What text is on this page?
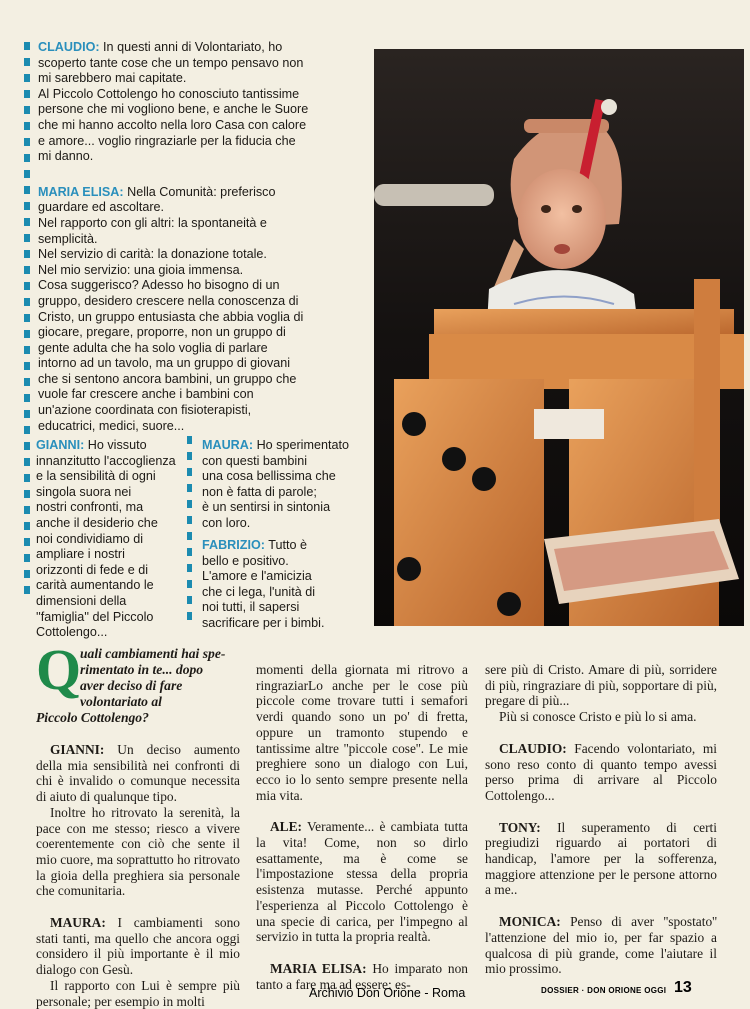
CLAUDIO: In questi anni di Volontariato, ho

scoperto tante cose che un tempo pensavo non

mi sarebbero mai capitate.

Al Piccolo Cottolengo ho conosciuto tantissime

persone che mi vogliono bene, e anche le Suore

che mi hanno accolto nella loro Casa con calore

e amore... voglio ringraziarle per la fiducia che

mi danno.

MARIA ELISA: Nella Comunità: preferisco

guardare ed ascoltare.

Nel rapporto con gli altri: la spontaneità e

semplicità.

Nel servizio di carità: la donazione totale.

Nel mio servizio: una gioia immensa.

Cosa suggerisco? Adesso ho bisogno di un

gruppo, desidero crescere nella conoscenza di

Cristo, un gruppo entusiasta che abbia voglia di

giocare, pregare, proporre, non un gruppo di

gente adulta che ha solo voglia di parlare

intorno ad un tavolo, ma un gruppo di giovani

che si sentono ancora bambini, un gruppo che

vuole far crescere anche i bambini con

un'azione coordinata con fisioterapisti,

educatrici, medici, suore...

GIANNI: Ho vissuto

innanzitutto l'accoglienza

e la sensibilità di ogni

singola suora nei

nostri confronti, ma

anche il desiderio che

noi condividiamo di

ampliare i nostri

orizzonti di fede e di

carità aumentando le

dimensioni della

''famiglia'' del Piccolo

Cottolengo...

MAURA: Ho sperimentato

con questi bambini

una cosa bellissima che

non è fatta di parole;

è un sentirsi in sintonia

con loro.

FABRIZIO: Tutto è

bello e positivo.

L'amore e l'amicizia

che ci lega, l'unità di

noi tutti, il sapersi

sacrificare per i bimbi.

Q

uali cambiamenti hai spe-

rimentato in te... dopo

aver deciso di fare volontariato al

Piccolo Cottolengo?

GIANNI: Un deciso aumento della mia sensibilità nei confronti di chi è invalido o comunque necessita di aiuto di qualunque tipo.

Inoltre ho ritrovato la serenità, la pace con me stesso; riesco a vivere coerentemente con ciò che sente il mio cuore, ma soprattutto ho ritrovato la gioia della preghiera sia personale che comunitaria.

MAURA: I cambiamenti sono stati tanti, ma quello che ancora oggi considero il più importante è il mio dialogo con Gesù.

Il rapporto con Lui è sempre più personale; per esempio in molti

momenti della giornata mi ritrovo a ringraziarLo anche per le cose più piccole come trovare tutti i semafori verdi quando sono un po' di fretta, oppure un tramonto stupendo e tantissime altre ''piccole cose''. Le mie preghiere sono un dialogo con Lui, ecco io lo sento sempre presente nella mia vita.

ALE: Veramente... è cambiata tutta la vita! Come, non so dirlo esattamente, ma è come se l'impostazione stessa della propria esistenza mutasse. Perché appunto l'esperienza al Piccolo Cottolengo è una specie di carica, per l'impegno al servizio in tutta la propria realtà.

MARIA ELISA: Ho imparato non tanto a fare ma ad essere: es-

sere più di Cristo. Amare di più, sorridere di più, ringraziare di più, sopportare di più, pregare di più...

Più si conosce Cristo e più lo si ama.

CLAUDIO: Facendo volontariato, mi sono reso conto di quanto tempo avessi perso prima di arrivare al Piccolo Cottolengo...

TONY: Il superamento di certi pregiudizi riguardo ai portatori di handicap, l'amore per la sofferenza, maggiore attenzione per le persone attorno a me..

MONICA: Penso di aver ''spostato'' l'attenzione del mio io, per far spazio a qualcosa di più grande, come l'aiutare il mio prossimo.

Archivio Don Orione - Roma	DOSSIER · DON ORIONE OGGI 13
